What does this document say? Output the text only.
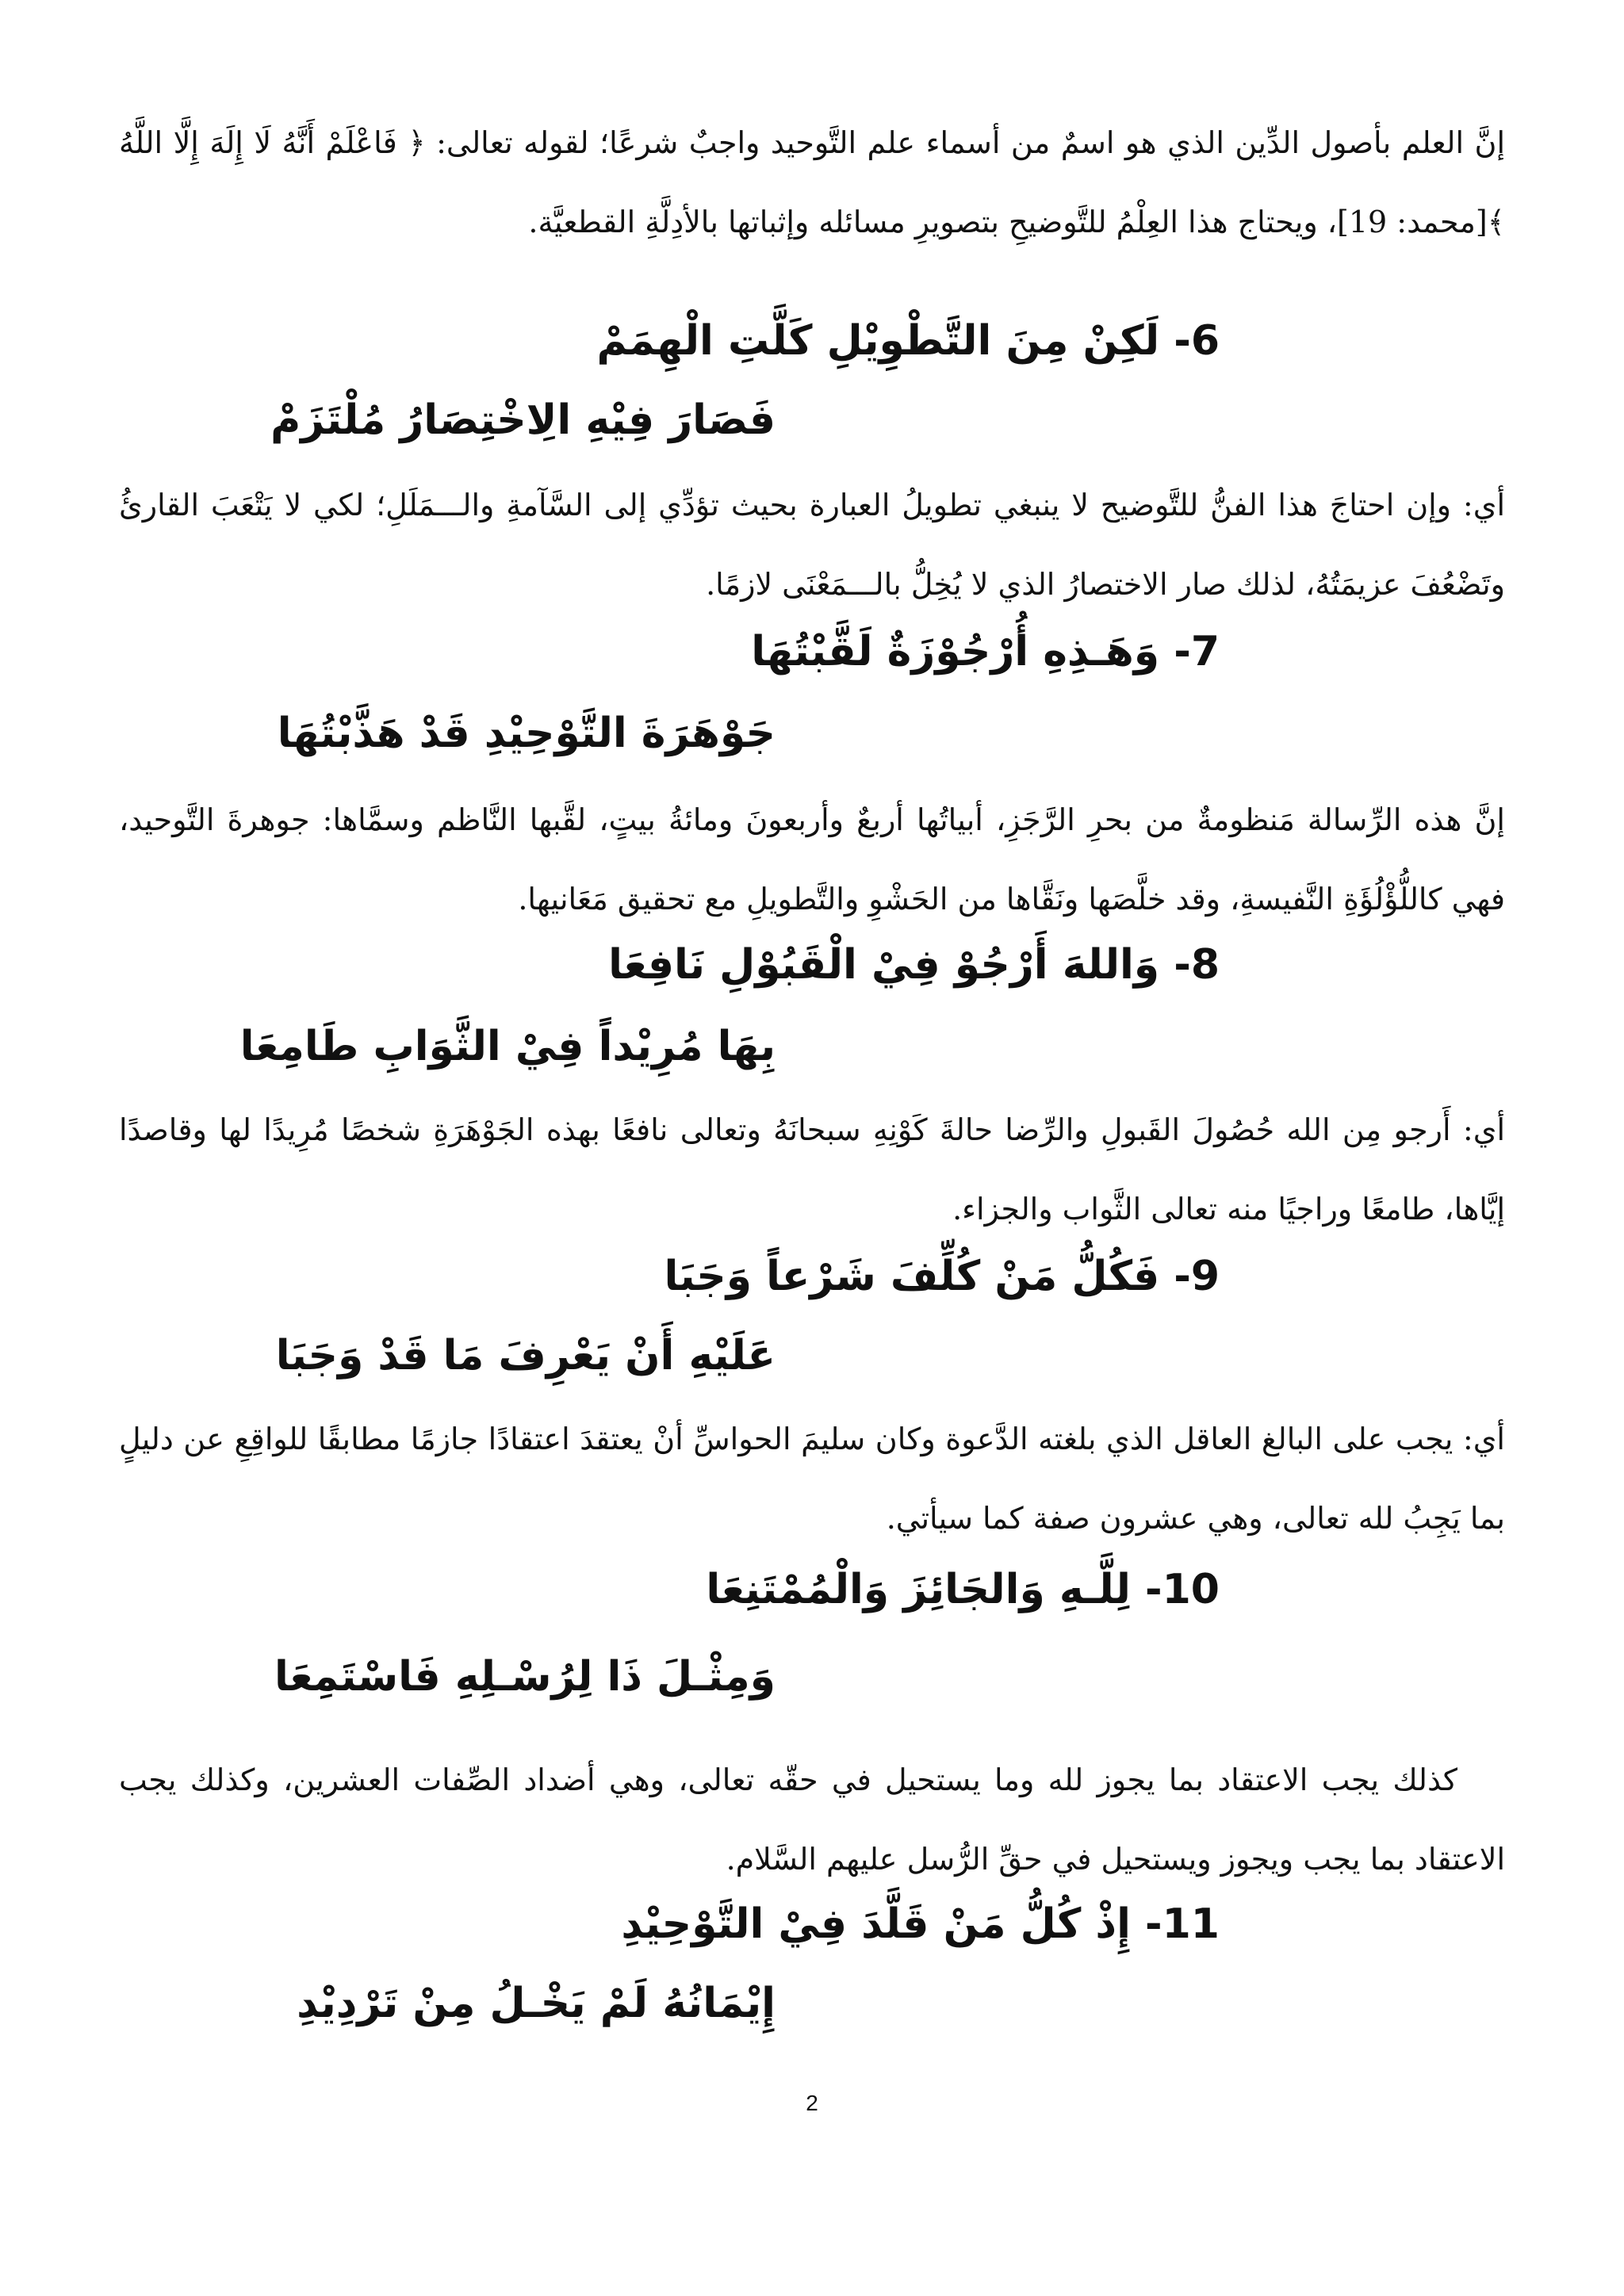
إنَّ العلم بأصول الدِّين الذي هو اسمٌ من أسماء علم التَّوحيد واجبٌ شرعًا؛ لقوله تعالى: ﴿ فَاعْلَمْ أَنَّهُ لَا إِلَهَ إِلَّا اللَّهُ ﴾[محمد: 19]، ويحتاج هذا العِلْمُ للتَّوضيحِ بتصويرِ مسائله وإثباتها بالأدِلَّةِ القطعيَّة.

6- لَكِنْ مِنَ التَّطْوِيْلِ كَلَّتِ الْهِمَمْ
فَصَارَ فِيْهِ الِاخْتِصَارُ مُلْتَزَمْ

أي: وإن احتاجَ هذا الفنُّ للتَّوضيح لا ينبغي تطويلُ العبارة بحيث تؤدِّي إلى السَّآمةِ والـــمَلَلِ؛ لكي لا يَتْعَبَ القارئُ وتَضْعُفَ عزيمَتُهُ، لذلك صار الاختصارُ الذي لا يُخِلُّ بالـــمَعْنَى لازمًا.

7- وَهَـذِهِ أُرْجُوْزَةٌ لَقَّبْتُهَا
جَوْهَرَةَ التَّوْحِيْدِ قَدْ هَذَّبْتُهَا

إنَّ هذه الرِّسالة مَنظومةٌ من بحرِ الرَّجَزِ، أبياتُها أربعٌ وأربعونَ ومائةُ بيتٍ، لقَّبها النَّاظم وسمَّاها: جوهرةَ التَّوحيد، فهي كاللُّؤْلُؤَةِ النَّفيسةِ، وقد خلَّصَها ونَقَّاها من الحَشْوِ والتَّطويلِ مع تحقيق مَعَانيها.

8- وَاللهَ أَرْجُوْ فِيْ الْقَبُوْلِ نَافِعَا
بِهَا مُرِيْداً فِيْ الثَّوَابِ طَامِعَا

أي: أَرجو مِن الله حُصُولَ القَبولِ والرِّضا حالةَ كَوْنِهِ سبحانَهُ وتعالى نافعًا بهذه الجَوْهَرَةِ شخصًا مُرِيدًا لها وقاصدًا إيَّاها، طامعًا وراجيًا منه تعالى الثَّواب والجزاء.

9- فَكُلُّ مَنْ كُلِّفَ شَرْعاً وَجَبَا
عَلَيْهِ أَنْ يَعْرِفَ مَا قَدْ وَجَبَا

أي: يجب على البالغ العاقل الذي بلغته الدَّعوة وكان سليمَ الحواسِّ أنْ يعتقدَ اعتقادًا جازمًا مطابقًا للواقِعِ عن دليلٍ بما يَجِبُ لله تعالى، وهي عشرون صفة كما سيأتي.

10- لِلَّـهِ وَالجَائِزَ وَالْمُمْتَنِعَا
وَمِثْـلَ ذَا لِرُسْـلِهِ فَاسْتَمِعَا

كذلك يجب الاعتقاد بما يجوز لله وما يستحيل في حقّه تعالى، وهي أضداد الصِّفات العشرين، وكذلك يجب الاعتقاد بما يجب ويجوز ويستحيل في حقِّ الرُّسل عليهم السَّلام.

11- إِذْ كُلُّ مَنْ قَلَّدَ فِيْ التَّوْحِيْدِ
إِيْمَانُهُ لَمْ يَخْـلُ مِنْ تَرْدِيْدِ
2
